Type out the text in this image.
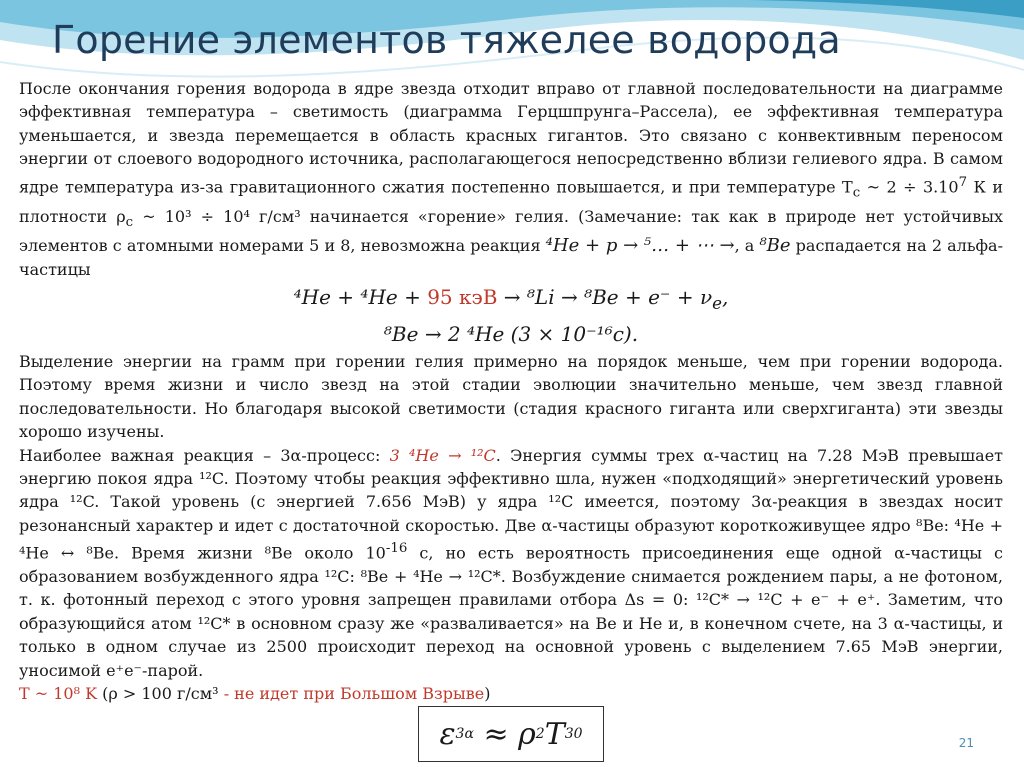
Горение элементов тяжелее водорода

После окончания горения водорода в ядре звезда отходит вправо от главной последовательности на диаграмме эффективная температура – светимость (диаграмма Герцшпрунга–Рассела), ее эффективная температура уменьшается, и звезда перемещается в область красных гигантов. Это связано с конвективным переносом энергии от слоевого водородного источника, располагающегося непосредственно вблизи гелиевого ядра. В самом ядре температура из-за гравитационного сжатия постепенно повышается, и при температуре $T_c$ ~ $2 \div 3.10^7$ К и плотности $\rho_c$ ~ 10³ ÷ 10⁴ г/см³ начинается «горение» гелия. (Замечание: так как в природе нет устойчивых элементов с атомными номерами 5 и 8, невозможна реакция ⁴He + p → ⁵… + ⋯ →, а ⁸Be распадается на 2 альфа-частицы

⁴He + ⁴He + 95 кэВ → $^8Li \to ^8Be + e^- + \nu_e$,

⁸Be → 2 ⁴He (3 × 10⁻¹⁶c).

Выделение энергии на грамм при горении гелия примерно на порядок меньше, чем при горении водорода. Поэтому время жизни и число звезд на этой стадии эволюции значительно меньше, чем звезд главной последовательности. Но благодаря высокой светимости (стадия красного гиганта или сверхгиганта) эти звезды хорошо изучены.

Наиболее важная реакция – 3α-процесс: 3 ⁴He → ¹²C. Энергия суммы трех α-частиц на 7.28 МэВ превышает энергию покоя ядра ¹²C. Поэтому чтобы реакция эффективно шла, нужен «подходящий» энергетический уровень ядра ¹²C. Такой уровень (с энергией 7.656 МэВ) у ядра ¹²C имеется, поэтому 3α-реакция в звездах носит резонансный характер и идет с достаточной скоростью. Две α-частицы образуют короткоживущее ядро ⁸Be: ⁴He + ⁴He ↔ ⁸Be. Время жизни ⁸Be около $10^{-16}$ с, но есть вероятность присоединения еще одной α-частицы с образованием возбужденного ядра ¹²C: ⁸Be + ⁴He → ¹²C*. Возбуждение снимается рождением пары, а не фотоном, т. к. фотонный переход с этого уровня запрещен правилами отбора Δs = 0: ¹²C* → ¹²C + e⁻ + e⁺. Заметим, что образующийся атом ¹²C* в основном сразу же «разваливается» на Be и He и, в конечном счете, на 3 α-частицы, и только в одном случае из 2500 происходит переход на основной уровень с выделением 7.65 МэВ энергии, уносимой e⁺e⁻-парой.

T ~ 10⁸ K (ρ > 100 г/см³ - не идет при Большом Взрыве)

ε 3α
≈ ρ 2 T 30
21
